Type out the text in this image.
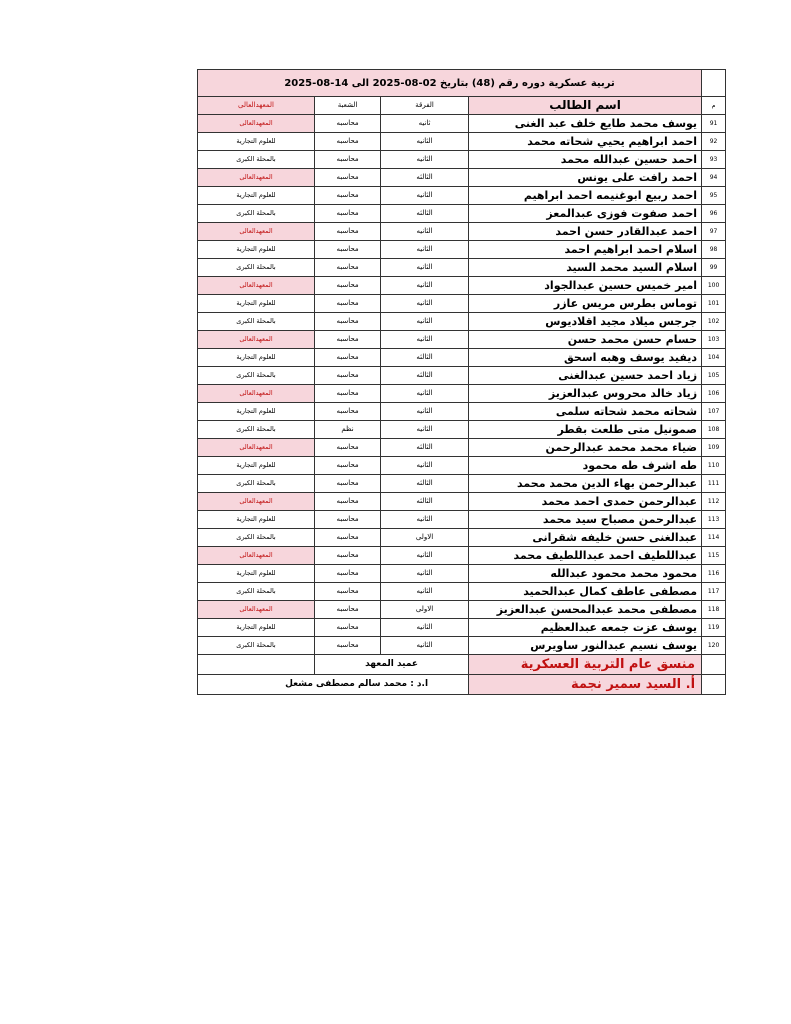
	تربية عسكرية دوره رقم (48) بتاريخ 02-08-2025 الى 14-08-2025			
م	اسم الطالب	الفرقة	الشعبة	المعهدالعالى
91	يوسف محمد طايع خلف عبد الغنى	ثانيه	محاسبه	المعهدالعالى
92	احمد ابراهيم يحيي شحاته محمد	الثانيه	محاسبه	للعلوم التجارية
93	احمد حسين عبدالله محمد	الثانيه	محاسبه	بالمحلة الكبرى
94	احمد رافت على يونس	الثالثه	محاسبه	المعهدالعالى
95	احمد ربيع ابوغنيمه احمد ابراهيم	الثانيه	محاسبه	للعلوم التجارية
96	احمد صفوت فوزى عبدالمعز	الثالثه	محاسبه	بالمحلة الكبرى
97	احمد عبدالقادر حسن احمد	الثانيه	محاسبه	المعهدالعالى
98	اسلام احمد ابراهيم احمد	الثانيه	محاسبه	للعلوم التجارية
99	اسلام السيد محمد السيد	الثانيه	محاسبه	بالمحلة الكبرى
100	امير خميس حسين عبدالجواد	الثانيه	محاسبه	المعهدالعالى
101	توماس بطرس مريس عازر	الثانيه	محاسبه	للعلوم التجارية
102	جرجس ميلاد مجيد اقلاديوس	الثانيه	محاسبه	بالمحلة الكبرى
103	حسام حسن محمد حسن	الثانيه	محاسبه	المعهدالعالى
104	ديفيد يوسف وهبه اسحق	الثالثه	محاسبه	للعلوم التجارية
105	زياد احمد حسين عبدالغنى	الثالثه	محاسبه	بالمحلة الكبرى
106	زياد خالد محروس عبدالعزيز	الثانيه	محاسبه	المعهدالعالى
107	شحاته محمد شحاته سلمى	الثانيه	محاسبه	للعلوم التجارية
108	صمونيل متى طلعت بقطر	الثانيه	نظم	بالمحلة الكبرى
109	ضياء محمد محمد عبدالرحمن	الثالثه	محاسبه	المعهدالعالى
110	طه اشرف طه محمود	الثانيه	محاسبه	للعلوم التجارية
111	عبدالرحمن بهاء الدين محمد محمد	الثالثه	محاسبه	بالمحلة الكبرى
112	عبدالرحمن حمدى احمد محمد	الثالثه	محاسبه	المعهدالعالى
113	عبدالرحمن مصباح سيد محمد	الثانيه	محاسبه	للعلوم التجارية
114	عبدالغنى حسن خليفه شقرانى	الاولى	محاسبه	بالمحلة الكبرى
115	عبداللطيف احمد عبداللطيف محمد	الثانيه	محاسبه	المعهدالعالى
116	محمود محمد محمود عبدالله	الثانيه	محاسبه	للعلوم التجارية
117	مصطفى عاطف كمال عبدالحميد	الثانيه	محاسبه	بالمحلة الكبرى
118	مصطفى محمد عبدالمحسن عبدالعزيز	الاولى	محاسبه	المعهدالعالى
119	يوسف عزت جمعه عبدالعظيم	الثانيه	محاسبه	للعلوم التجارية
120	يوسف نسيم عبدالنور ساويرس	الثانيه	محاسبه	بالمحلة الكبرى
	منسق عام التربية العسكرية	عميد المعهد		
	أ. السيد سمير نجمة	ا.د : محمد سالم مصطفى مشعل		
